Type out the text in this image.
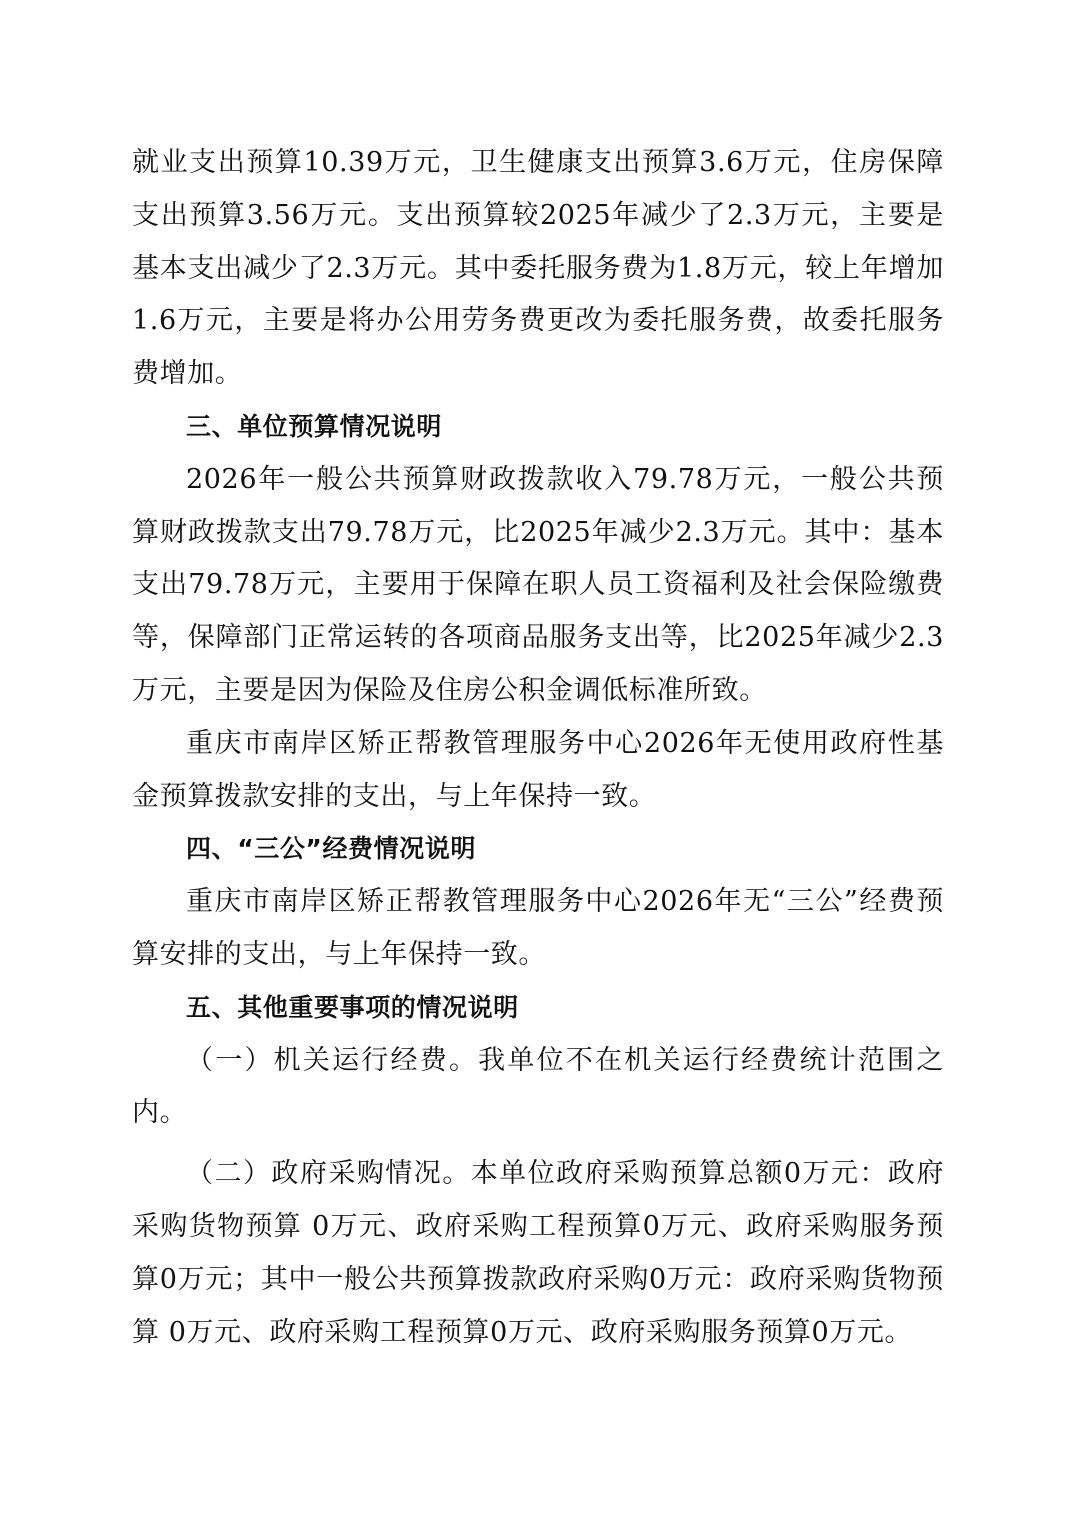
就业支出预算10.39万元，卫生健康支出预算3.6万元，住房保障支出预算3.56万元。支出预算较2025年减少了2.3万元，主要是基本支出减少了2.3万元。其中委托服务费为1.8万元，较上年增加1.6万元，主要是将办公用劳务费更改为委托服务费，故委托服务费增加。

三、单位预算情况说明

2026年一般公共预算财政拨款收入79.78万元，一般公共预算财政拨款支出79.78万元，比2025年减少2.3万元。其中：基本支出79.78万元，主要用于保障在职人员工资福利及社会保险缴费等，保障部门正常运转的各项商品服务支出等，比2025年减少2.3万元，主要是因为保险及住房公积金调低标准所致。

重庆市南岸区矫正帮教管理服务中心2026年无使用政府性基金预算拨款安排的支出，与上年保持一致。

四、“三公”经费情况说明

重庆市南岸区矫正帮教管理服务中心2026年无“三公”经费预算安排的支出，与上年保持一致。

五、其他重要事项的情况说明

（一）机关运行经费。我单位不在机关运行经费统计范围之内。

（二）政府采购情况。本单位政府采购预算总额0万元：政府采购货物预算 0万元、政府采购工程预算0万元、政府采购服务预算0万元；其中一般公共预算拨款政府采购0万元：政府采购货物预算 0万元、政府采购工程预算0万元、政府采购服务预算0万元。
